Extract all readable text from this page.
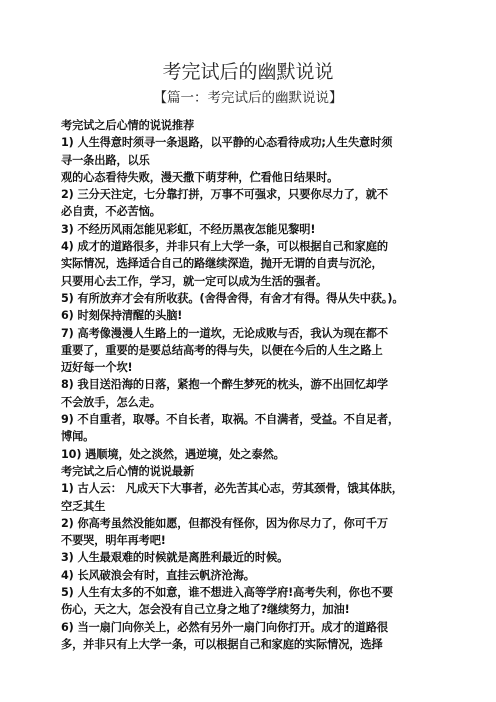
考完试后的幽默说说
【篇一：考完试后的幽默说说】
考完试之后心情的说说推荐
1) 人生得意时须寻一条退路，以平静的心态看待成功;人生失意时须
寻一条出路，以乐
观的心态看待失败，漫天撒下萌芽种，伫看他日结果时。
2) 三分天注定，七分靠打拼，万事不可强求，只要你尽力了，就不
必自责，不必苦恼。
3) 不经历风雨怎能见彩虹，不经历黑夜怎能见黎明!
4) 成才的道路很多，并非只有上大学一条，可以根据自己和家庭的
实际情况，选择适合自己的路继续深造，抛开无谓的自责与沉沦，
只要用心去工作，学习，就一定可以成为生活的强者。
5) 有所放弃才会有所收获。(舍得舍得，有舍才有得。得从失中获。)。
6) 时刻保持清醒的头脑!
7) 高考像漫漫人生路上的一道坎，无论成败与否，我认为现在都不
重要了，重要的是要总结高考的得与失，以便在今后的人生之路上
迈好每一个坎!
8) 我目送沿海的日落，紧抱一个醉生梦死的枕头，游不出回忆却学
不会放手，怎么走。
9) 不自重者，取辱。不自长者，取祸。不自满者，受益。不自足者，
博闻。
10) 遇顺境，处之淡然，遇逆境，处之泰然。
考完试之后心情的说说最新
1) 古人云： 凡成天下大事者，必先苦其心志，劳其颈骨，饿其体肤，
空乏其生
2) 你高考虽然没能如愿，但都没有怪你，因为你尽力了，你可千万
不要哭，明年再考吧!
3) 人生最艰难的时候就是离胜利最近的时候。
4) 长风破浪会有时，直挂云帆济沧海。
5) 人生有太多的不如意，谁不想进入高等学府!高考失利，你也不要
伤心，天之大，怎会没有自己立身之地了?继续努力，加油!
6) 当一扇门向你关上，必然有另外一扇门向你打开。成才的道路很
多，并非只有上大学一条，可以根据自己和家庭的实际情况，选择
